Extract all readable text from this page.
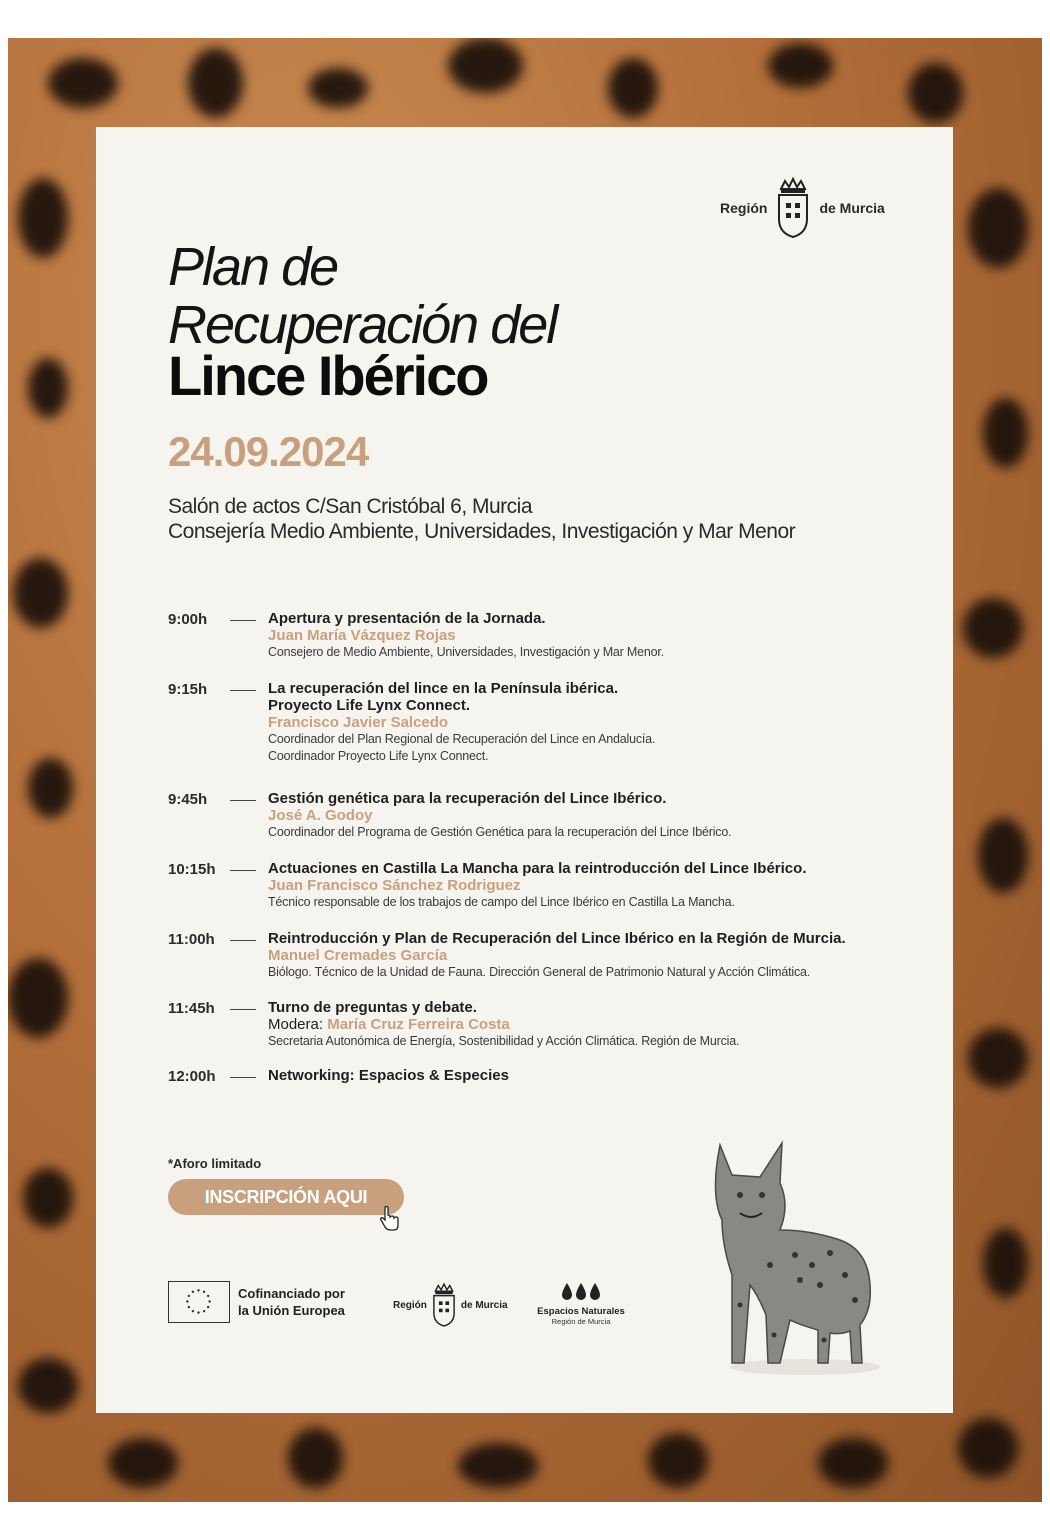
Región	de Murcia
Plan de
Recuperación del
Lince Ibérico
24.09.2024
Salón de actos C/San Cristóbal 6, Murcia
Consejería Medio Ambiente, Universidades, Investigación y Mar Menor
9:00h	Apertura y presentación de la Jornada.
Juan María Vázquez Rojas
Consejero de Medio Ambiente, Universidades, Investigación y Mar Menor.
9:15h	La recuperación del lince en la Península ibérica.
Proyecto Life Lynx Connect.
Francisco Javier Salcedo
Coordinador del Plan Regional de Recuperación del Lince en Andalucía.
Coordinador Proyecto Life Lynx Connect.
9:45h	Gestión genética para la recuperación del Lince Ibérico.
José A. Godoy
Coordinador del Programa de Gestión Genética para la recuperación del Lince Ibérico.
10:15h	Actuaciones en Castilla La Mancha para la reintroducción del Lince Ibérico.
Juan Francisco Sánchez Rodriguez
Técnico responsable de los trabajos de campo del Lince Ibérico en Castilla La Mancha.
11:00h	Reintroducción y Plan de Recuperación del Lince Ibérico en la Región de Murcia.
Manuel Cremades García
Biólogo. Técnico de la Unidad de Fauna. Dirección General de Patrimonio Natural y Acción Climática.
11:45h	Turno de preguntas y debate.
Modera: María Cruz Ferreira Costa
Secretaria Autonómica de Energía, Sostenibilidad y Acción Climática. Región de Murcia.
12:00h	Networking: Espacios & Especies
*Aforo limitado
INSCRIPCIÓN AQUI
Cofinanciado por
la Unión Europea	Región	de Murcia
Espacios Naturales
Región de Murcia
